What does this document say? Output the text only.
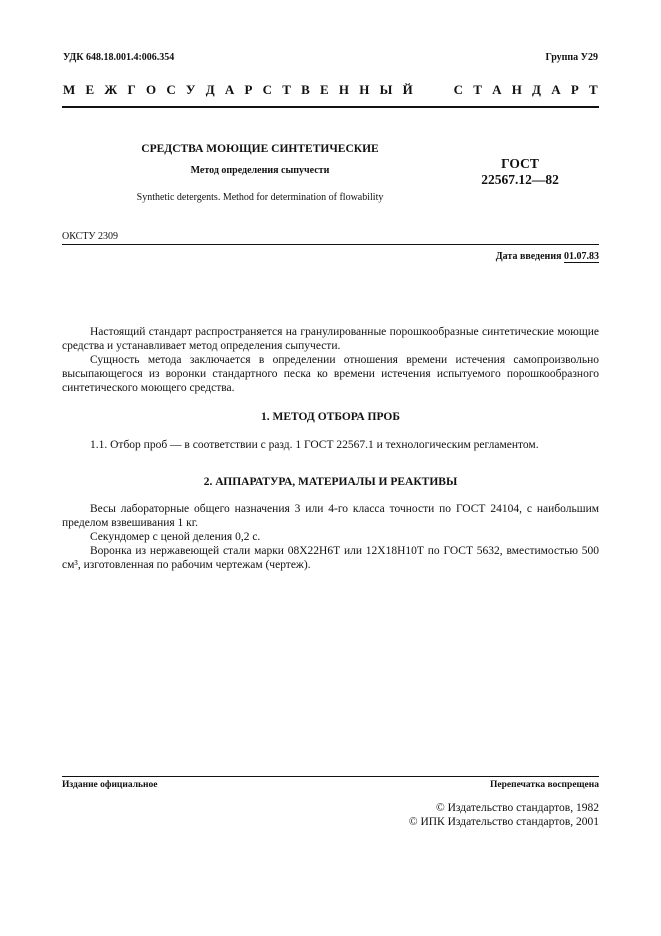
УДК 648.18.001.4:006.354	Группа У29
М Е Ж Г О С У Д А Р С Т В Е Н Н Ы Й	С Т А Н Д А Р Т
СРЕДСТВА МОЮЩИЕ СИНТЕТИЧЕСКИЕ
Метод определения сыпучести
Synthetic detergents. Method for determination of flowability
ГОСТ
22567.12—82
ОКСТУ 2309
Дата введения 01.07.83
Настоящий стандарт распространяется на гранулированные порошкообразные синтетические моющие средства и устанавливает метод определения сыпучести.
Сущность метода заключается в определении отношения времени истечения самопроизвольно высыпающегося из воронки стандартного песка ко времени истечения испытуемого порошкообразного синтетического моющего средства.
1. МЕТОД ОТБОРА ПРОБ
1.1. Отбор проб — в соответствии с разд. 1 ГОСТ 22567.1 и технологическим регламентом.
2. АППАРАТУРА, МАТЕРИАЛЫ И РЕАКТИВЫ
Весы лабораторные общего назначения 3 или 4-го класса точности по ГОСТ 24104, с наибольшим пределом взвешивания 1 кг.
Секундомер с ценой деления 0,2 с.
Воронка из нержавеющей стали марки 08Х22Н6Т или 12Х18Н10Т по ГОСТ 5632, вместимостью 500 см³, изготовленная по рабочим чертежам (чертеж).
Издание официальное	Перепечатка воспрещена
© Издательство стандартов, 1982
© ИПК Издательство стандартов, 2001
